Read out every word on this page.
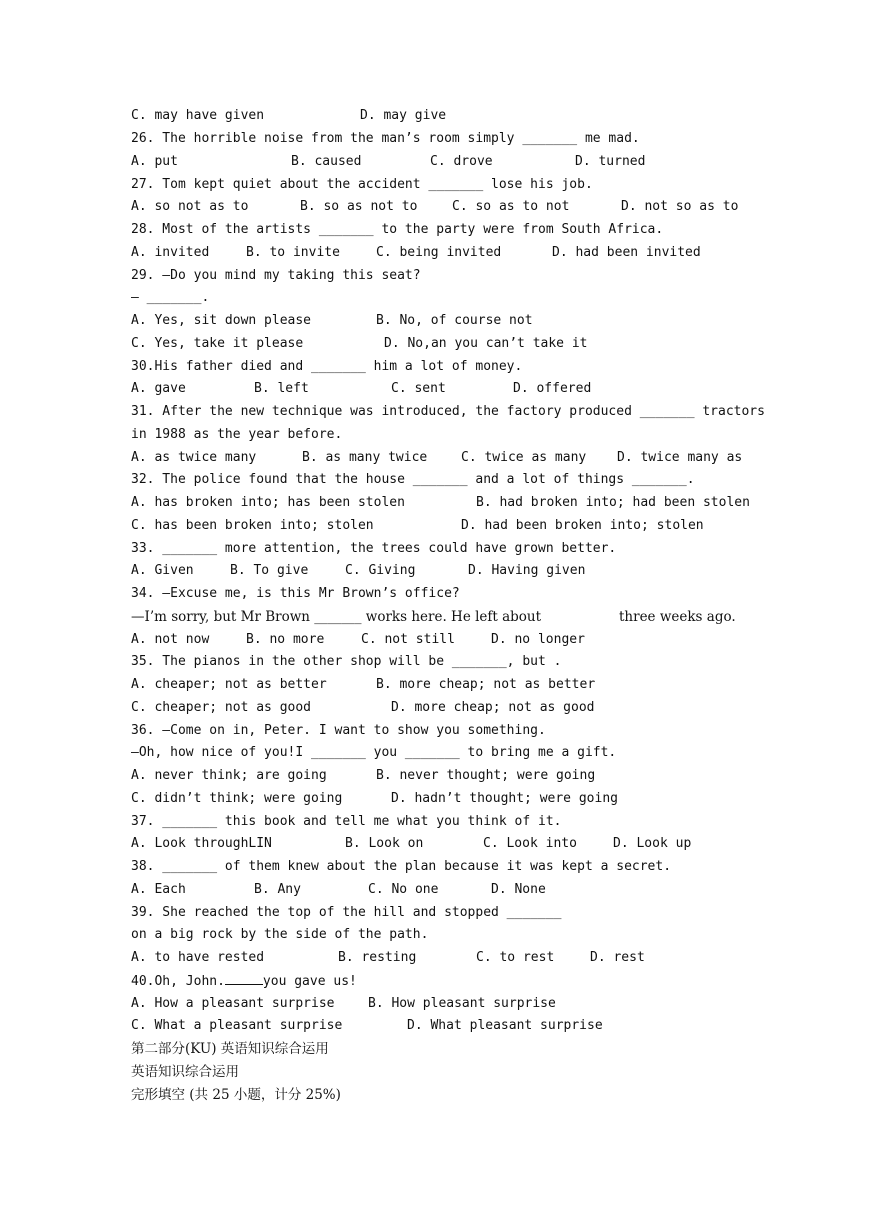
C. may have given	D. may give
26. The horrible noise from the man’s room simply _______ me mad.
A. put	B. caused	C. drove	D. turned
27. Tom kept quiet about the accident _______ lose his job.
A. so not as to	B. so as not to	C. so as to not	D. not so as to
28. Most of the artists _______ to the party were from South Africa.
A. invited	B. to invite	C. being invited	D. had been invited
29. —Do you mind my taking this seat?
— _______.
A. Yes, sit down please	B. No, of course not
C. Yes, take it please	D. No,an you can’t take it
30.His father died and _______ him a lot of money.
A. gave	B. left	C. sent	D. offered
31. After the new technique was introduced, the factory produced _______ tractors
in 1988 as the year before.
A. as twice many	B. as many twice	C. twice as many D. twice many as
32. The police found that the house _______ and a lot of things _______.
A. has broken into; has been stolen	B. had broken into; had been stolen
C. has been broken into; stolen	D. had been broken into; stolen
33. _______ more attention, the trees could have grown better.
A. Given	B. To give	C. Giving	D. Having given
34. —Excuse me, is this Mr Brown’s office?
—I’m sorry, but Mr Brown _______ works here. He left about	three weeks ago.
A. not now	B. no more	C. not still	D. no longer
35. The pianos in the other shop will be _______, but .
A. cheaper; not as better	B. more cheap; not as better
C. cheaper; not as good	D. more cheap; not as good
36. —Come on in, Peter. I want to show you something.
—Oh, how nice of you!I _______ you _______ to bring me a gift.
A. never think; are going	B. never thought; were going
C. didn’t think; were going	D. hadn’t thought; were going
37. _______ this book and tell me what you think of it.
A. Look throughLIN	B. Look on	C. Look into	D. Look up
38. _______ of them knew about the plan because it was kept a secret.
A. Each	B. Any	C. No one	D. None
39. She reached the top of the hill and stopped _______
on a big rock by the side of the path.
A. to have rested	B. resting	C. to rest	D. rest
40.Oh, John.	you gave us!
A. How a pleasant surprise	B. How pleasant surprise
C. What a pleasant surprise	D. What pleasant surprise
第二部分(KU) 英语知识综合运用
英语知识综合运用
完形填空 (共 25 小题，计分 25%)
